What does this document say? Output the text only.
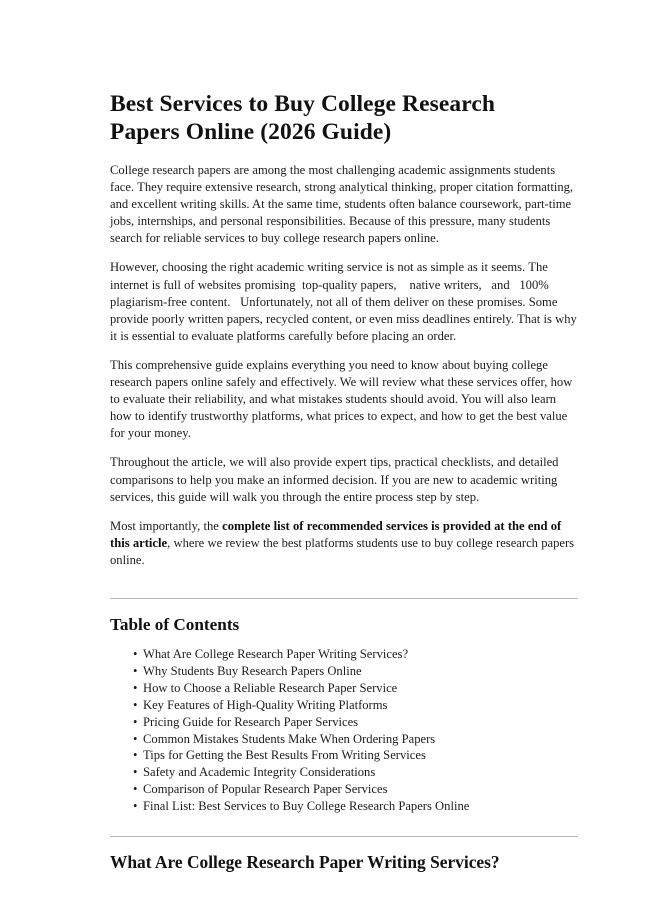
Best Services to Buy College Research Papers Online (2026 Guide)

College research papers are among the most challenging academic assignments students face. They require extensive research, strong analytical thinking, proper citation formatting, and excellent writing skills. At the same time, students often balance coursework, part-time jobs, internships, and personal responsibilities. Because of this pressure, many students search for reliable services to buy college research papers online.

However, choosing the right academic writing service is not as simple as it seems. The internet is full of websites promising  top-quality papers,    native writers,   and   100% plagiarism-free content.   Unfortunately, not all of them deliver on these promises. Some provide poorly written papers, recycled content, or even miss deadlines entirely. That is why it is essential to evaluate platforms carefully before placing an order.

This comprehensive guide explains everything you need to know about buying college research papers online safely and effectively. We will review what these services offer, how to evaluate their reliability, and what mistakes students should avoid. You will also learn how to identify trustworthy platforms, what prices to expect, and how to get the best value for your money.

Throughout the article, we will also provide expert tips, practical checklists, and detailed comparisons to help you make an informed decision. If you are new to academic writing services, this guide will walk you through the entire process step by step.

Most importantly, the complete list of recommended services is provided at the end of this article, where we review the best platforms students use to buy college research papers online.

Table of Contents
• What Are College Research Paper Writing Services?
• Why Students Buy Research Papers Online
• How to Choose a Reliable Research Paper Service
• Key Features of High-Quality Writing Platforms
• Pricing Guide for Research Paper Services
• Common Mistakes Students Make When Ordering Papers
• Tips for Getting the Best Results From Writing Services
• Safety and Academic Integrity Considerations
• Comparison of Popular Research Paper Services
• Final List: Best Services to Buy College Research Papers Online
What Are College Research Paper Writing Services?
